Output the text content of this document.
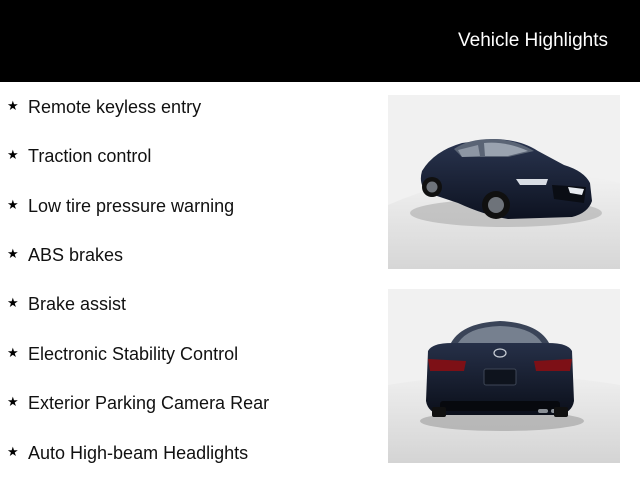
Vehicle Highlights
★ Remote keyless entry
★ Traction control
★ Low tire pressure warning
★ ABS brakes
★ Brake assist
★ Electronic Stability Control
★ Exterior Parking Camera Rear
★ Auto High-beam Headlights
